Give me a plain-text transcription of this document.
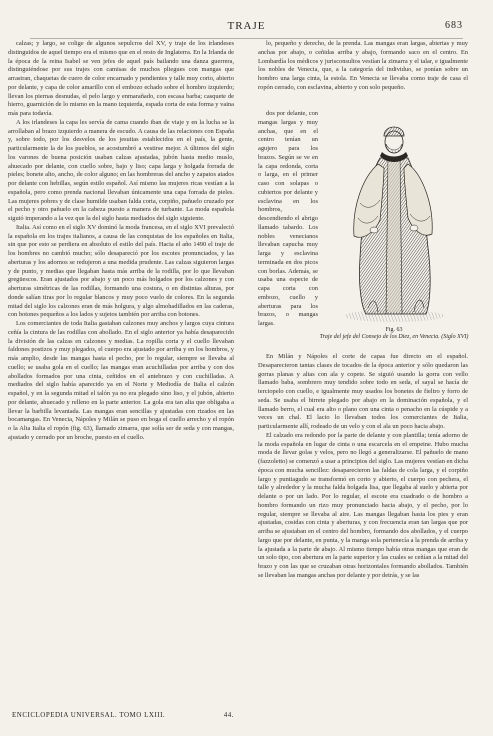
TRAJE	683

calzas; y largo, se colige de algunos sepulcros del XV, y traje de los irlandeses distinguidos de aquel tiempo era el mismo que en el resto de Inglaterra. En la Irlanda de la época de la reina Isabel se ven jefes de aquel país bailando una danza guerrera, distinguiéndose por sus trajes con camisas de muchos pliegues con mangas que arrastran, chaquetas de cuero de color encarnado y pendientes y talle muy corto, abierto por delante, y capa de color amarillo con el embozo echado sobre el hombro izquierdo; llevan los piernas desnudas, el pelo largo y enmarañado, con escasa barba; casquete de hierro, guarnición de lo mismo en la mano izquierda, espada corta de esta forma y vaina más para todavía.

A los irlandeses la capa les servía de cama cuando iban de viaje y en la lucha se la arrollaban al brazo izquierdo a manera de escudo. A causa de las relaciones con España y, sobre todo, por los desvelos de los jesuitas establecidos en el país, la gente, particularmente la de los pueblos, se acostumbró a vestirse mejor. A últimos del siglo los varones de buena posición usaban calzas ajustadas, jubón hasta medio muslo, ahuecado por delante, con cuello sobre, bajo y liso; capa larga y holgada forrada de pieles; bonete alto, ancho, de color alguno; en las hombreras del ancho y zapatos atados por delante con hebillas, según estilo español. Así mismo las mujeres ricas vestían a la española, pero como prenda nacional llevaban únicamente una capa forrada de pieles. Las mujeres pobres y de clase humilde usaban falda corta, corpiño, pañuelo cruzado por el pecho y otro pañuelo en la cabeza puesto a manera de turbante. La moda española siguió imperando a la vez que la del siglo hasta mediados del siglo siguiente.

Italia. Así como en el siglo XV dominó la moda francesa, en el siglo XVI prevaleció la española en los trajes italianos, a causa de las conquistas de los españoles en Italia, sin que por esto se perdiera en absoluto el estilo del país. Hacia el año 1490 el traje de los hombres no cambió mucho; sólo desapareció por los escotes pronunciados, y las aberturas y los adornos se redujeron a una medida prudente. Las calzas siguieron largas y de punto, y medias que llegaban hasta más arriba de la rodilla, por lo que llevaban gregüescos. Eran ajustados por abajo y un poco más holgados por los calzones y con aberturas simétricas de las rodillas, formando una costura, o en distintas alturas, por donde salían tiras por lo regular blancos y muy poco vuelo de colores. En la segunda mitad del siglo los calzones eran de más holgura, y algo almohadillados en las caderas, con botones pequeños a los lados y sujetos también por arriba con botones.

Los comerciantes de toda Italia gastaban calzones muy anchos y largos cuya cintura ceñía la cintura de las rodillas con abollado. En el siglo anterior ya había desaparecido la división de las calzas en calzones y medias. La ropilla corta y el cuello llevaban faldones postizos y muy plegados, el cuerpo era ajustado por arriba y en los hombros, y más amplio, desde las mangas hasta el pecho, por lo regular, siempre se llevaba al cuello; se usaba gola en el cuello; las mangas eran acuchilladas por arriba y con dos abollados formados por una cinta, ceñidos en el antebrazo y con cuchilladas. A mediados del siglo había aparecido ya en el Norte y Mediodía de Italia el calzón español, y en la segunda mitad el talón ya no era plegado sino liso, y el jubón, abierto por delante, ahuecado y relleno en la parte anterior. La gola era tan alta que obligaba a llevar la barbilla levantada. Las mangas eran sencillas y ajustadas con rizados en las bocamangas. En Venecia, Nápoles y Milán se puso en boga el cuello arrecho y el ropón o la Alta Italia el ropón (fig. 63), llamado zimarra, que solía ser de seda y con mangas, ajustado y cerrado por un broche, puesto en el cuello.

lo, pequeño y derecho, de la prenda. Las mangas eran largas, abiertas y muy anchas por abajo, o ceñidas arriba y abajo, formando saco en el centro. En Lombardía los médicos y jurisconsultos vestían la zimarra y el talar, e igualmente los nobles de Venecia, que, a la categoría del individuo, se ponían sobre un hombro una larga cinta, la estola. En Venecia se llevaba como traje de casa el ropón cerrado, con esclavina, abierto y con solo pequeño.

dos por delante, con mangas largas y muy anchas, que en el centro tenían un agujero para los brazos. Según se ve en la capa redonda, corta o larga, en el primer caso con solapas o cubiertos por delante y esclavina en los hombros, descendiendo el abrigo llamado tabardo. Los nobles venecianos llevaban capucha muy larga y esclavina terminada en dos picos con borlas. Además, se usaba una especie de capa corta con embozo, cuello y aberturas para los brazos, o mangas largas.

Fig. 63
Traje del jefe del Consejo de los Diez, en Venecia. (Siglo XVI)

En Milán y Nápoles el corte de capas fue directo en el español. Desaparecieron tantas clases de tocados de la época anterior y sólo quedaron las gorras planas y altas con ala y copete. Se siguió usando la gorra con vello llamado baba, sombrero muy tendido sobre todo en seda, el sayal se hacía de terciopelo con cuello, e igualmente muy usados los bonetes de fieltro y forro de seda. Se usaba el birrete plegado por abajo en la dominación española, y el llamado berro, el cual era alto o plano con una cinta o penacho en la cúspide y a veces un chal. El lacio lo llevaban todos los comerciantes de Italia, particularmente allí, rodeado de un velo y con el ala un poco hacia abajo.

El calzado era redondo por la parte de delante y con plantilla; tenía adorno de la moda española en lugar de cinta o una escarcela en el empeine. Hubo mucha moda de llevar golas y velos, pero no llegó a generalizarse. El pañuelo de mano (fazzoletto) se comenzó a usar a principios del siglo. Las mujeres vestían en dicha época con mucha sencillez: desaparecieron las faldas de cola larga, y el corpiño largo y puntiagudo se transformó en corto y abierto, el cuerpo con pechera, el talle y alrededor y la mucha falda holgada lisa, que llegaba al suelo y abierta por delante o por un lado. Por lo regular, el escote era cuadrado o de hombro a hombro formando un rizo muy pronunciado hacia abajo, y el pecho, por lo regular, siempre se llevaba al aire. Las mangas llegaban hasta los pies y eran ajustadas, cosidas con cinta y aberturas, y con frecuencia eran tan largas que por arriba se ajustaban en el centro del hombro, formando dos abollados, y el cuerpo largo que por delante, en punta, y la manga sola pertenecía a la prenda de arriba y la ajustada a la parte de abajo. Al mismo tiempo había otras mangas que eran de un solo tipo, con abertura en la parte superior y las cuales se ceñían a la mitad del brazo y con las que se cruzaban otras horizontales formando abollados. También se llevaban las mangas anchas por delante y por detrás, y se las

ENCICLOPEDIA UNIVERSAL. TOMO LXIII.	44.
